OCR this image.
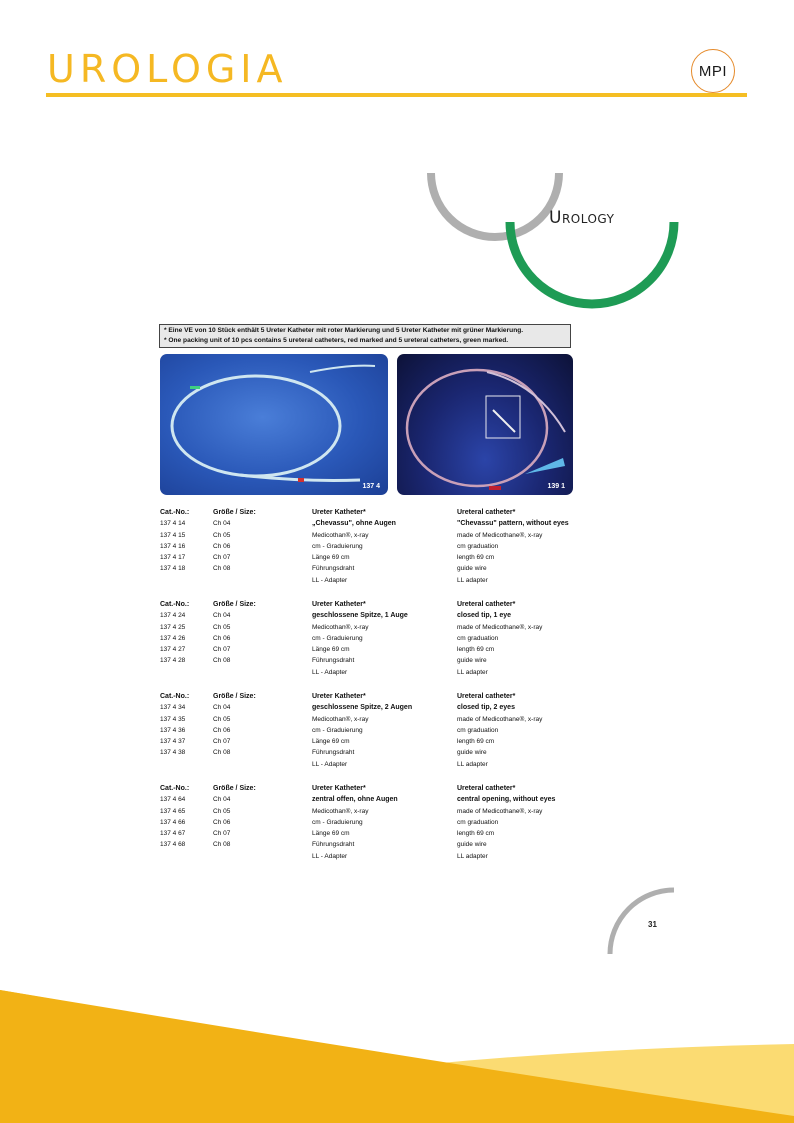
UROLOGIA	MPI
Urology
* Eine VE von 10 Stück enthält 5 Ureter Katheter mit roter Markierung und 5 Ureter Katheter mit grüner Markierung.
* One packing unit of 10 pcs contains 5 ureteral catheters, red marked and 5 ureteral catheters, green marked.
137 4	139 1
Cat.-No.:
137 4 14
137 4 15
137 4 16
137 4 17
137 4 18
Größe / Size:
Ch 04
Ch 05
Ch 06
Ch 07
Ch 08
Ureter Katheter*
„Chevassu", ohne Augen
Medicothan®, x-ray
cm - Graduierung
Länge 69 cm
Führungsdraht
LL - Adapter
Ureteral catheter*
"Chevassu" pattern, without eyes
made of Medicothane®, x-ray
cm graduation
length 69 cm
guide wire
LL adapter
Cat.-No.:
137 4 24
137 4 25
137 4 26
137 4 27
137 4 28
Größe / Size:
Ch 04
Ch 05
Ch 06
Ch 07
Ch 08
Ureter Katheter*
geschlossene Spitze, 1 Auge
Medicothan®, x-ray
cm - Graduierung
Länge 69 cm
Führungsdraht
LL - Adapter
Ureteral catheter*
closed tip, 1 eye
made of Medicothane®, x-ray
cm graduation
length 69 cm
guide wire
LL adapter
Cat.-No.:
137 4 34
137 4 35
137 4 36
137 4 37
137 4 38
Größe / Size:
Ch 04
Ch 05
Ch 06
Ch 07
Ch 08
Ureter Katheter*
geschlossene Spitze, 2 Augen
Medicothan®, x-ray
cm - Graduierung
Länge 69 cm
Führungsdraht
LL - Adapter
Ureteral catheter*
closed tip, 2 eyes
made of Medicothane®, x-ray
cm graduation
length 69 cm
guide wire
LL adapter
Cat.-No.:
137 4 64
137 4 65
137 4 66
137 4 67
137 4 68
Größe / Size:
Ch 04
Ch 05
Ch 06
Ch 07
Ch 08
Ureter Katheter*
zentral offen, ohne Augen
Medicothan®, x-ray
cm - Graduierung
Länge 69 cm
Führungsdraht
LL - Adapter
Ureteral catheter*
central opening, without eyes
made of Medicothane®, x-ray
cm graduation
length 69 cm
guide wire
LL adapter
31
